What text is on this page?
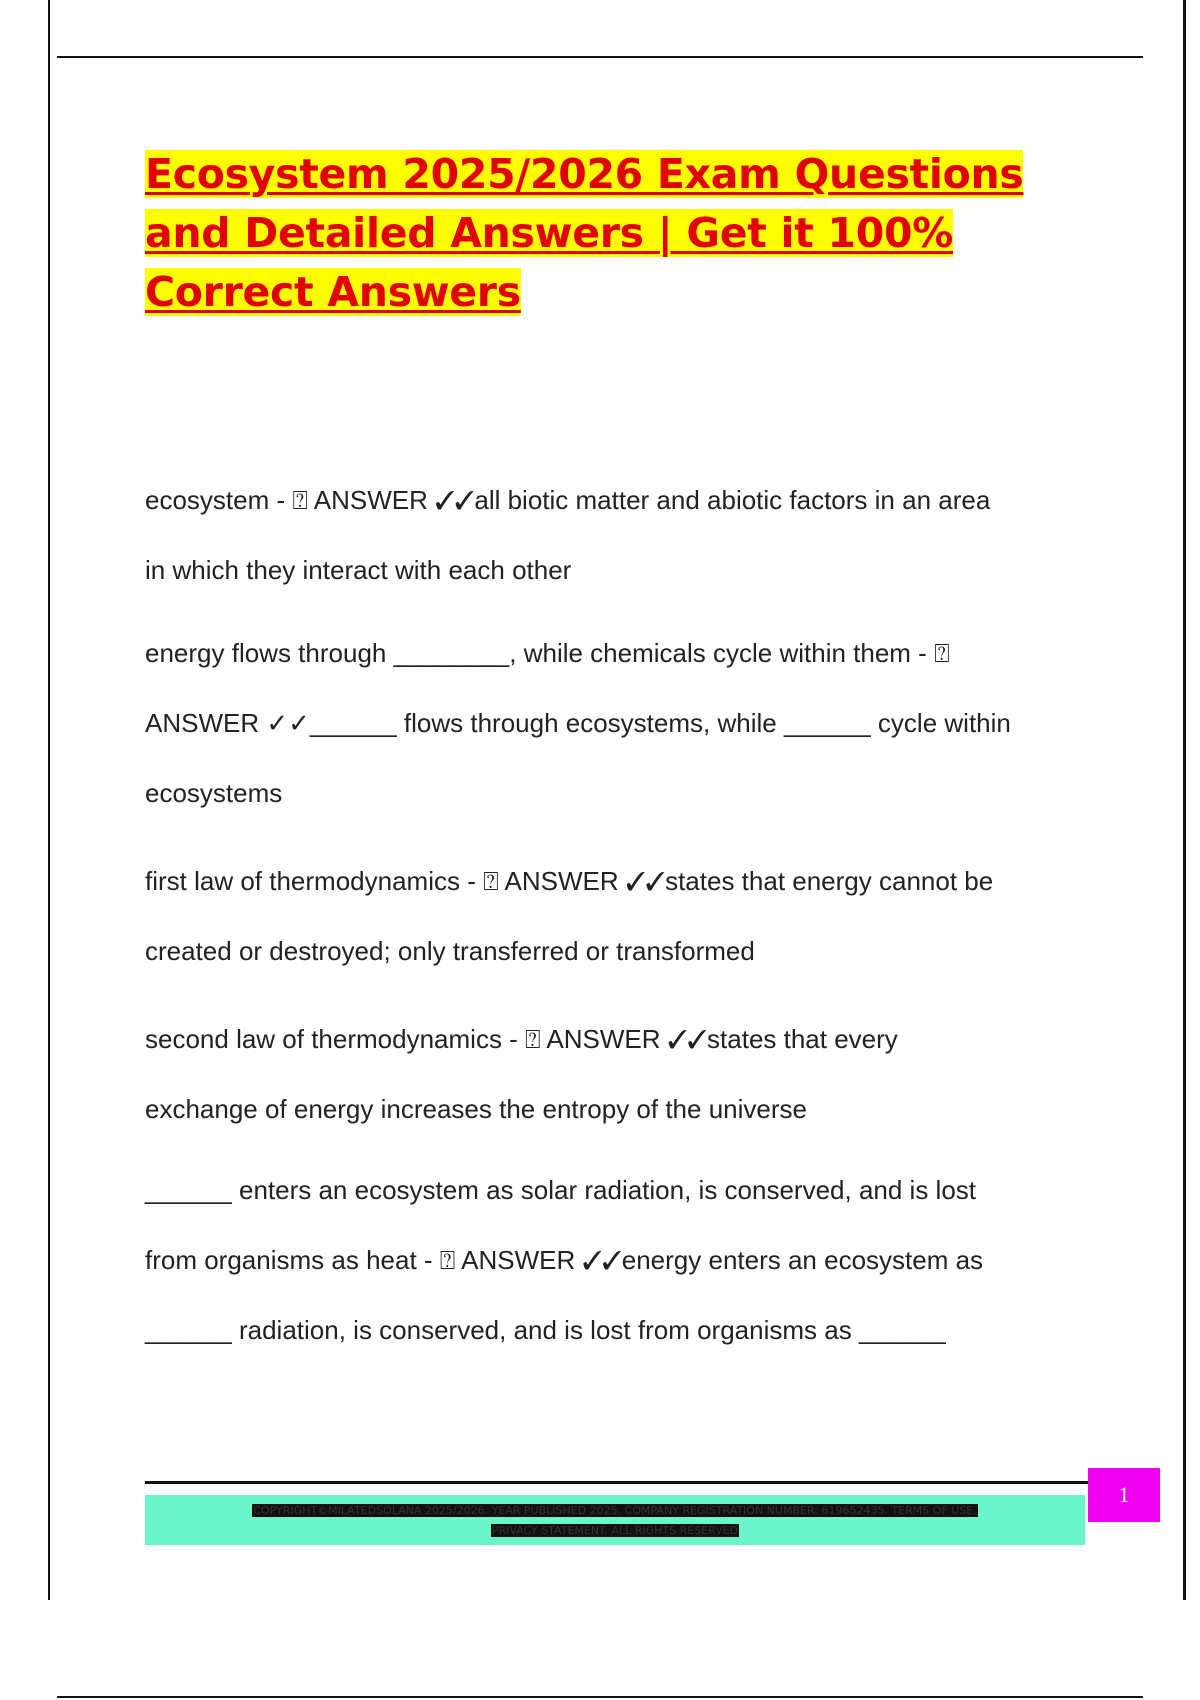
Ecosystem 2025/2026 Exam Questions
and Detailed Answers | Get it 100%
Correct Answers
ecosystem - ⍰ ANSWER ✓✓all biotic matter and abiotic factors in an area
in which they interact with each other
energy flows through ________, while chemicals cycle within them - ⍰
ANSWER ✓✓______ flows through ecosystems, while ______ cycle within
ecosystems
first law of thermodynamics - ⍰ ANSWER ✓✓states that energy cannot be
created or destroyed; only transferred or transformed
second law of thermodynamics - ⍰ ANSWER ✓✓states that every
exchange of energy increases the entropy of the universe
______ enters an ecosystem as solar radiation, is conserved, and is lost
from organisms as heat - ⍰ ANSWER ✓✓energy enters an ecosystem as
______ radiation, is conserved, and is lost from organisms as ______
COPYRIGHT©MILATEDSOLANA 2025/2026. YEAR PUBLISHED 2025. COMPANY REGISTRATION NUMBER: 619652435. TERMS OF USE.
PRIVACY STATEMENT. ALL RIGHTS RESERVED
1
